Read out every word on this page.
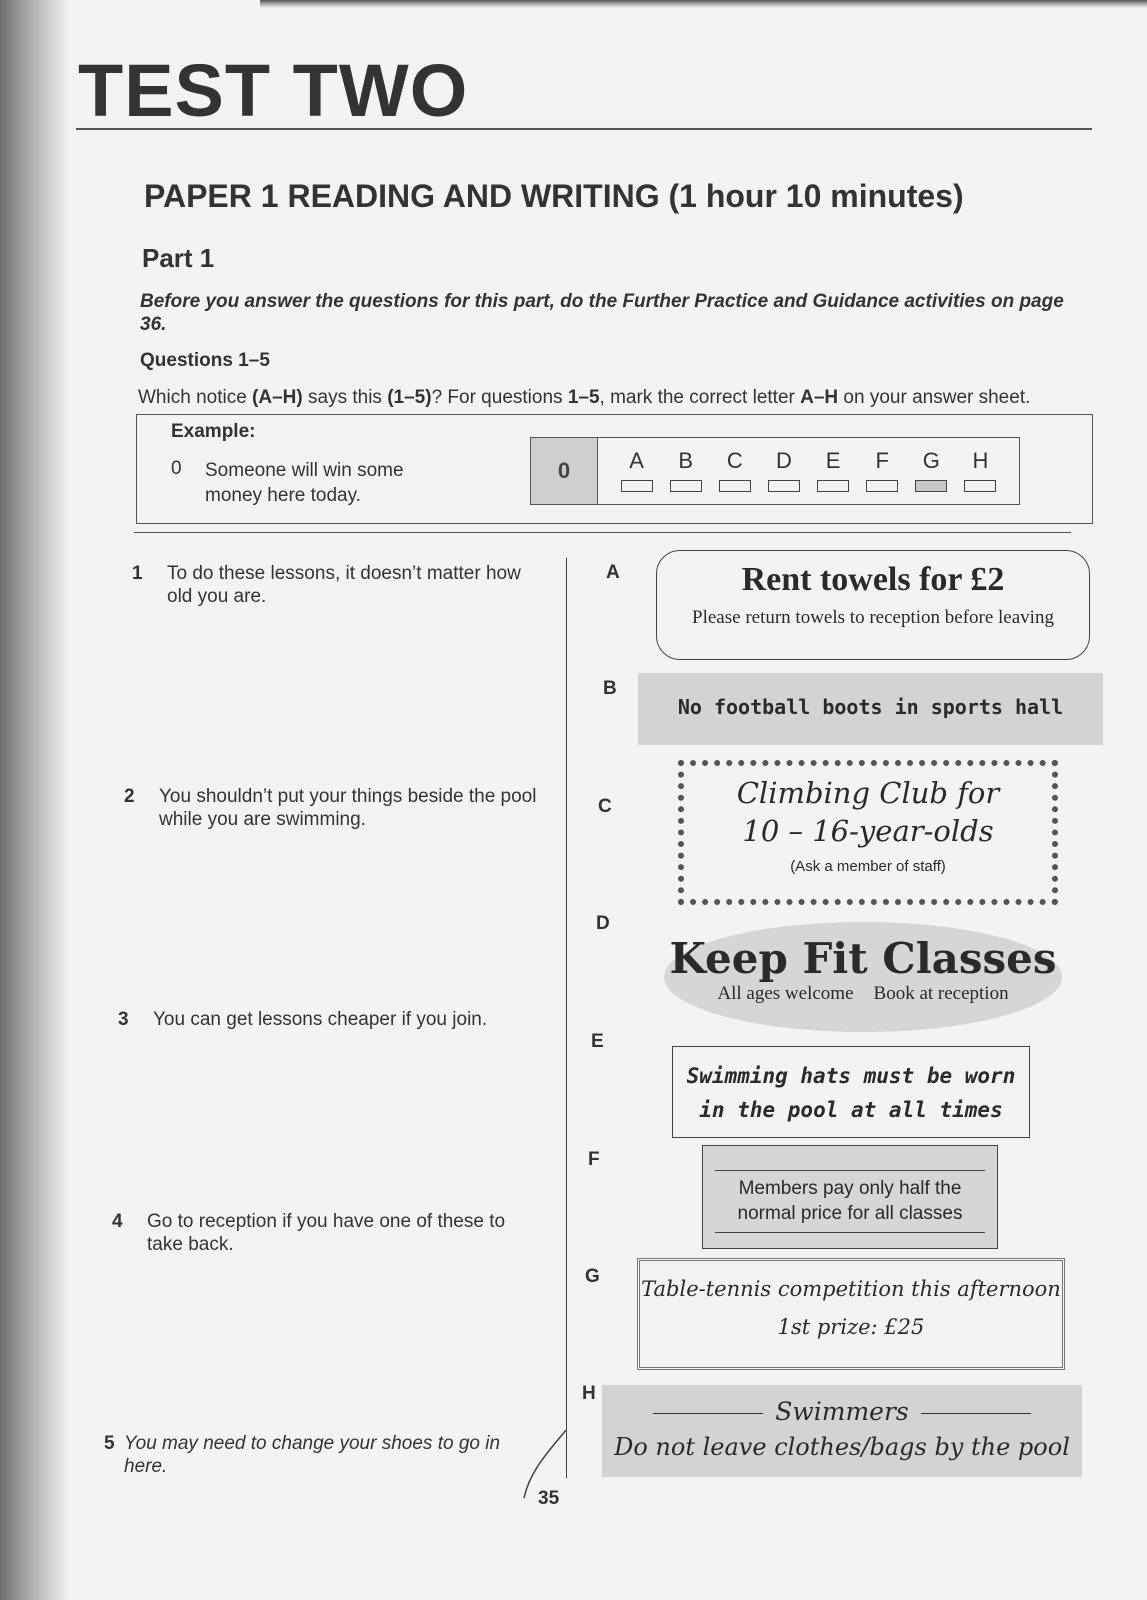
TEST TWO
PAPER 1 READING AND WRITING (1 hour 10 minutes)
Part 1
Before you answer the questions for this part, do the Further Practice and Guidance activities on page 36.
Questions 1–5
Which notice (A–H) says this (1–5)? For questions 1–5, mark the correct letter A–H on your answer sheet.
Example:
0 Someone will win some money here today.
0	A B C D E F G H
1 To do these lessons, it doesn’t matter how old you are.
2 You shouldn’t put your things beside the pool while you are swimming.
3 You can get lessons cheaper if you join.
4 Go to reception if you have one of these to take back.
5 You may need to change your shoes to go in here.
A	Rent towels for £2
Please return towels to reception before leaving
B
No football boots in sports hall
C	Climbing Club for
10 – 16-year-olds
(Ask a member of staff)
D
Keep Fit Classes
All ages welcome Book at reception
E
Swimming hats must be worn
in the pool at all times
F
Members pay only half the
normal price for all classes
G
Table-tennis competition this afternoon
1st prize: £25
H
Swimmers
Do not leave clothes/bags by the pool
35
